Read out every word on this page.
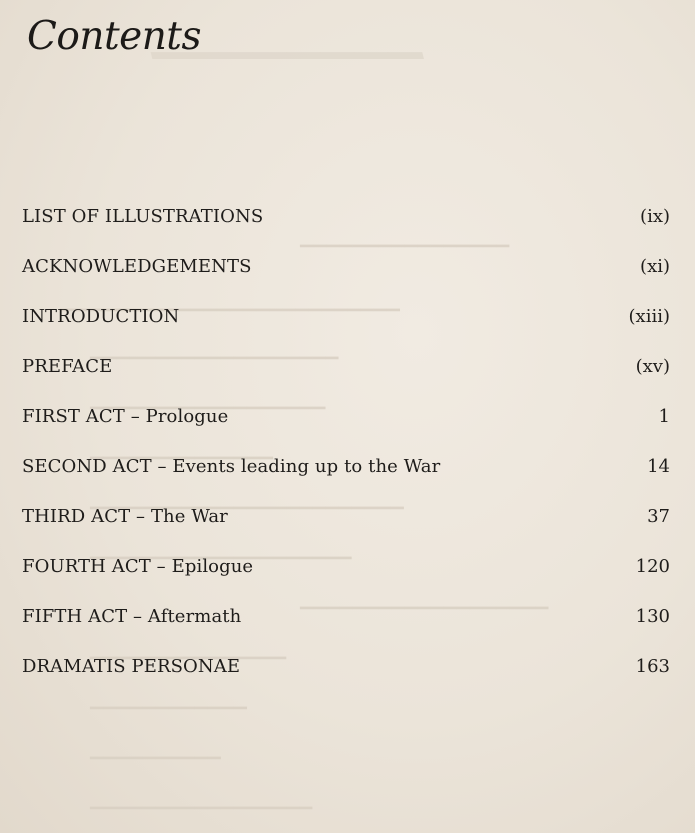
▁▁▁▁▁▁▁▁
▁▁▁▁▁▁▁▁▁▁▁▁▁▁▁▁
▁▁▁▁▁▁▁▁▁▁▁▁▁▁▁▁▁▁▁▁▁▁▁▁▁▁
▁▁▁▁▁▁▁▁▁▁▁▁▁▁▁▁▁▁▁
▁▁▁▁▁▁▁▁▁▁▁▁▁▁▁▁▁▁
▁▁▁▁▁▁▁▁▁▁▁▁▁▁
▁▁▁▁▁▁▁▁▁▁▁▁▁▁▁▁▁▁▁▁▁▁▁▁
▁▁▁▁▁▁▁▁▁▁▁▁▁▁▁▁▁▁▁▁
▁▁▁▁▁▁▁▁▁▁▁▁▁▁▁▁▁▁▁
▁▁▁▁▁▁▁▁▁▁▁▁▁▁▁
▁▁▁▁▁▁▁▁▁▁▁▁
▁▁▁▁▁▁▁▁▁▁
▁▁▁▁▁▁▁▁▁▁▁▁▁▁▁▁▁
Contents
LIST OF ILLUSTRATIONS	(ix)
ACKNOWLEDGEMENTS	(xi)
INTRODUCTION	(xiii)
PREFACE	(xv)
FIRST ACT – Prologue	1
SECOND ACT – Events leading up to the War	14
THIRD ACT – The War	37
FOURTH ACT – Epilogue	120
FIFTH ACT – Aftermath	130
DRAMATIS PERSONAE	163
